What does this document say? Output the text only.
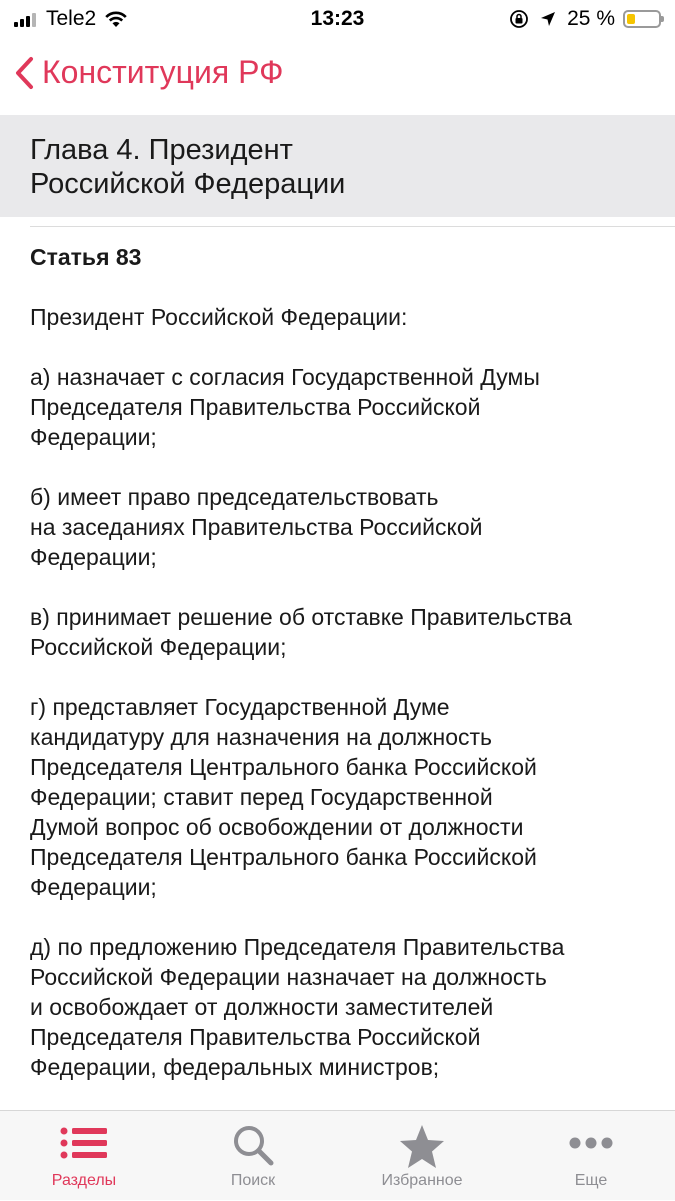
Tele2	13:23	25 %
Конституция РФ
Глава 4. Президент
Российской Федерации

Статья 83

Президент Российской Федерации:

а) назначает с согласия Государственной Думы
Председателя Правительства Российской
Федерации;

б) имеет право председательствовать
на заседаниях Правительства Российской
Федерации;

в) принимает решение об отставке Правительства
Российской Федерации;

г) представляет Государственной Думе
кандидатуру для назначения на должность
Председателя Центрального банка Российской
Федерации; ставит перед Государственной
Думой вопрос об освобождении от должности
Председателя Центрального банка Российской
Федерации;

д) по предложению Председателя Правительства
Российской Федерации назначает на должность
и освобождает от должности заместителей
Председателя Правительства Российской
Федерации, федеральных министров;

Разделы	Поиск	Избранное	Еще
